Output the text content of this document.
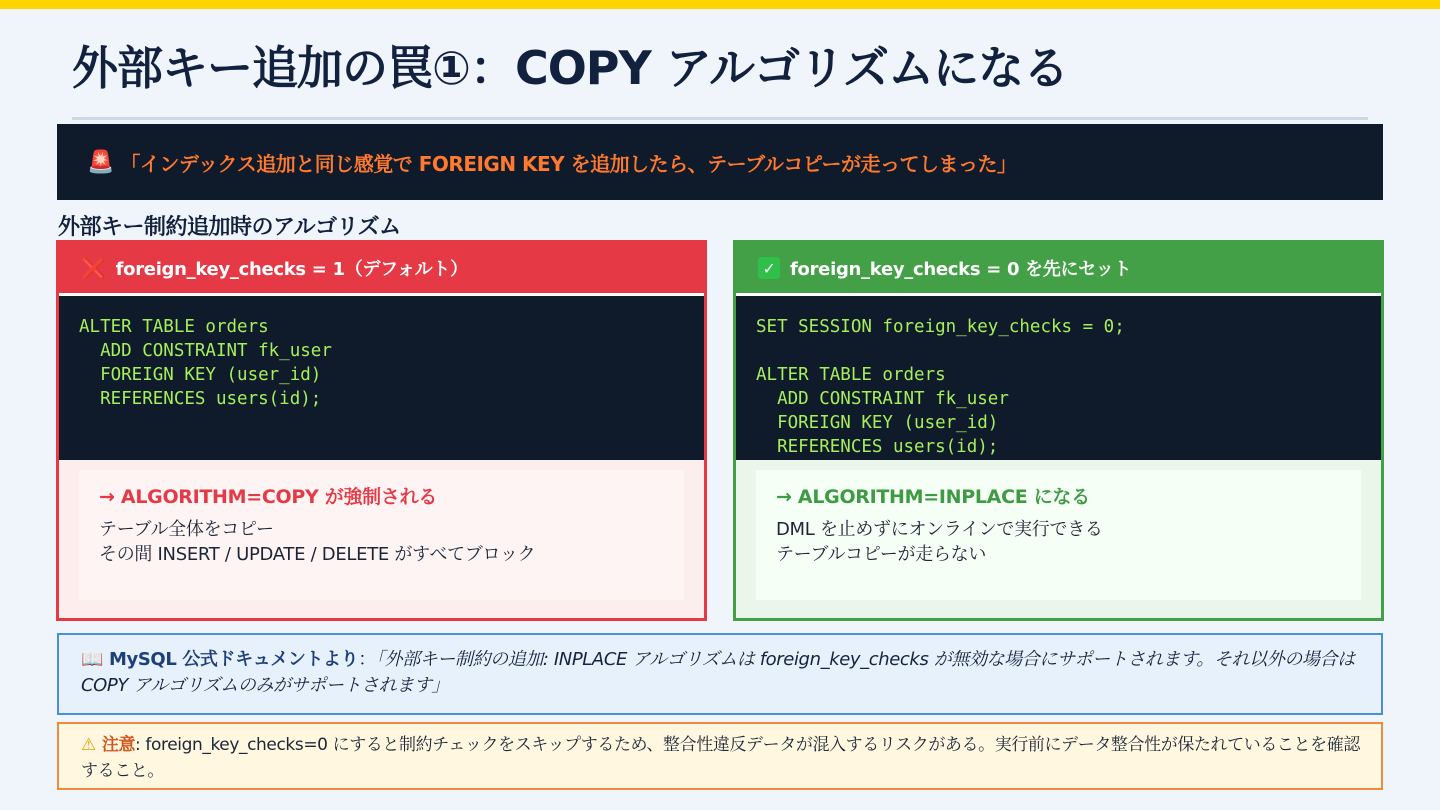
外部キー追加の罠①：COPY アルゴリズムになる
🚨 「インデックス追加と同じ感覚で FOREIGN KEY を追加したら、テーブルコピーが走ってしまった」
外部キー制約追加時のアルゴリズム
❌ foreign_key_checks = 1（デフォルト）
ALTER TABLE orders
ADD CONSTRAINT fk_user
FOREIGN KEY (user_id)
REFERENCES users(id);
→ ALGORITHM=COPY が強制される
テーブル全体をコピー
その間 INSERT / UPDATE / DELETE がすべてブロック
✓ foreign_key_checks = 0 を先にセット
SET SESSION foreign_key_checks = 0;

ALTER TABLE orders
ADD CONSTRAINT fk_user
FOREIGN KEY (user_id)
REFERENCES users(id);
→ ALGORITHM=INPLACE になる
DML を止めずにオンラインで実行できる
テーブルコピーが走らない
📖 MySQL 公式ドキュメントより：「外部キー制約の追加: INPLACE アルゴリズムは foreign_key_checks が無効な場合にサポートされます。それ以外の場合は COPY アルゴリズムのみがサポートされます」
⚠ 注意: foreign_key_checks=0 にすると制約チェックをスキップするため、整合性違反データが混入するリスクがある。実行前にデータ整合性が保たれていることを確認すること。
